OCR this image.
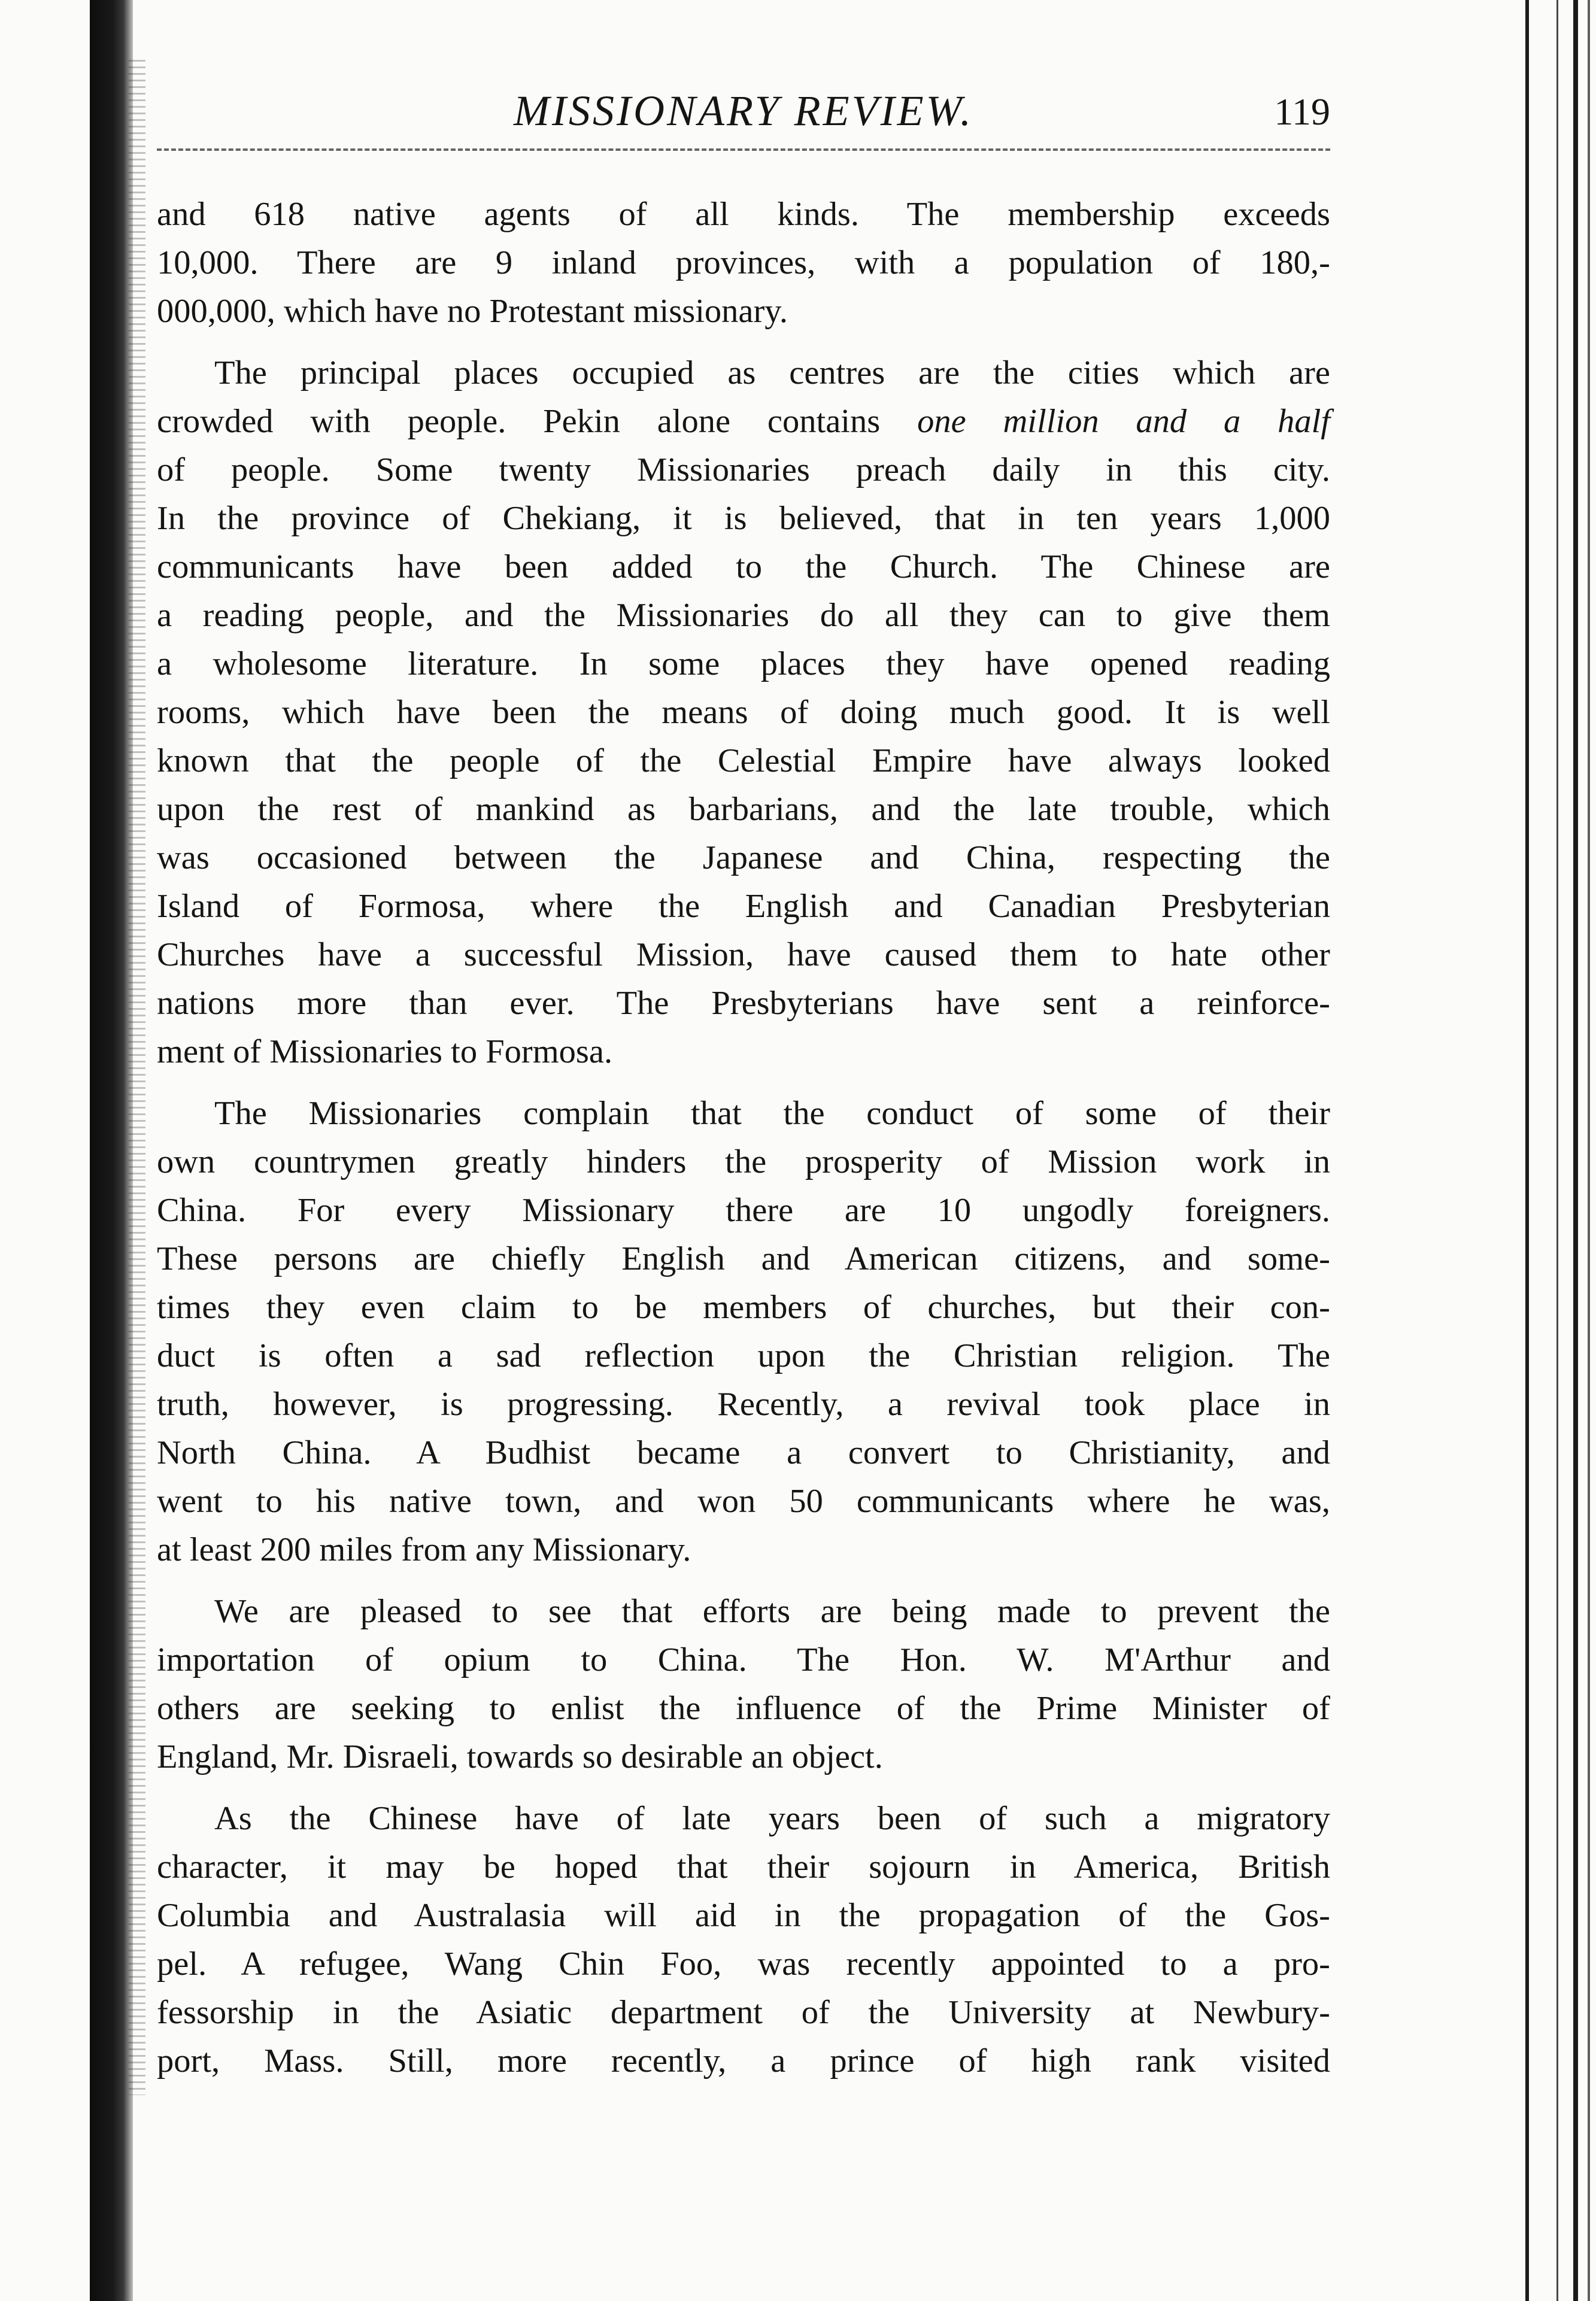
MISSIONARY REVIEW.	119

and 618 native agents of all kinds. The membership exceeds
10,000. There are 9 inland provinces, with a population of 180,-
000,000, which have no Protestant missionary.

The principal places occupied as centres are the cities which are
crowded with people. Pekin alone contains one million and a half
of people. Some twenty Missionaries preach daily in this city.
In the province of Chekiang, it is believed, that in ten years 1,000
communicants have been added to the Church. The Chinese are
a reading people, and the Missionaries do all they can to give them
a wholesome literature. In some places they have opened reading
rooms, which have been the means of doing much good. It is well
known that the people of the Celestial Empire have always looked
upon the rest of mankind as barbarians, and the late trouble, which
was occasioned between the Japanese and China, respecting the
Island of Formosa, where the English and Canadian Presbyterian
Churches have a successful Mission, have caused them to hate other
nations more than ever. The Presbyterians have sent a reinforce-
ment of Missionaries to Formosa.

The Missionaries complain that the conduct of some of their
own countrymen greatly hinders the prosperity of Mission work in
China. For every Missionary there are 10 ungodly foreigners.
These persons are chiefly English and American citizens, and some-
times they even claim to be members of churches, but their con-
duct is often a sad reflection upon the Christian religion. The
truth, however, is progressing. Recently, a revival took place in
North China. A Budhist became a convert to Christianity, and
went to his native town, and won 50 communicants where he was,
at least 200 miles from any Missionary.

We are pleased to see that efforts are being made to prevent the
importation of opium to China. The Hon. W. M'Arthur and
others are seeking to enlist the influence of the Prime Minister of
England, Mr. Disraeli, towards so desirable an object.

As the Chinese have of late years been of such a migratory
character, it may be hoped that their sojourn in America, British
Columbia and Australasia will aid in the propagation of the Gos-
pel. A refugee, Wang Chin Foo, was recently appointed to a pro-
fessorship in the Asiatic department of the University at Newbury-
port, Mass. Still, more recently, a prince of high rank visited
